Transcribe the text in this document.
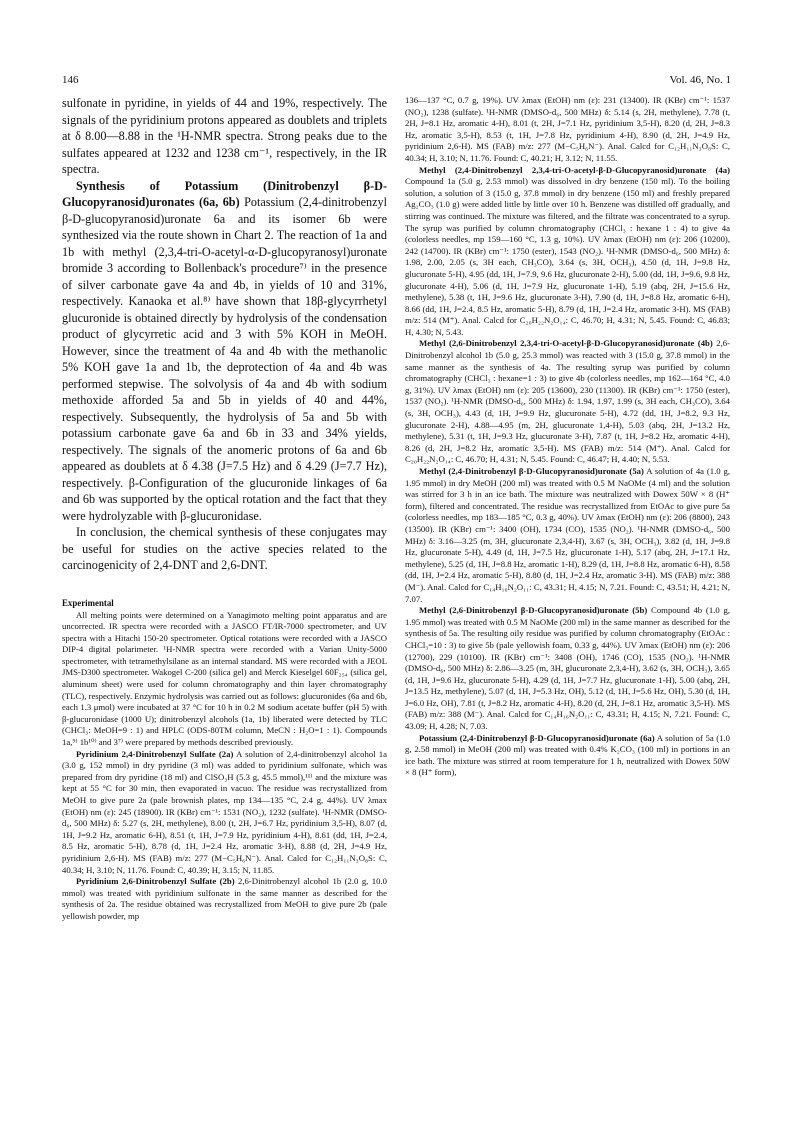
146	Vol. 46, No. 1

sulfonate in pyridine, in yields of 44 and 19%, respectively. The signals of the pyridinium protons appeared as doublets and triplets at δ 8.00—8.88 in the ¹H-NMR spectra. Strong peaks due to the sulfates appeared at 1232 and 1238 cm⁻¹, respectively, in the IR spectra.

Synthesis of Potassium (Dinitrobenzyl β-D-Glucopyranosid)uronates (6a, 6b) Potassium (2,4-dinitrobenzyl β-D-glucopyranosid)uronate 6a and its isomer 6b were synthesized via the route shown in Chart 2. The reaction of 1a and 1b with methyl (2,3,4-tri-O-acetyl-α-D-glucopyranosyl)uronate bromide 3 according to Bollenback's procedure⁷⁾ in the presence of silver carbonate gave 4a and 4b, in yields of 10 and 31%, respectively. Kanaoka et al.⁸⁾ have shown that 18β-glycyrrhetyl glucuronide is obtained directly by hydrolysis of the condensation product of glycyrretic acid and 3 with 5% KOH in MeOH. However, since the treatment of 4a and 4b with the methanolic 5% KOH gave 1a and 1b, the deprotection of 4a and 4b was performed stepwise. The solvolysis of 4a and 4b with sodium methoxide afforded 5a and 5b in yields of 40 and 44%, respectively. Subsequently, the hydrolysis of 5a and 5b with potassium carbonate gave 6a and 6b in 33 and 34% yields, respectively. The signals of the anomeric protons of 6a and 6b appeared as doublets at δ 4.38 (J=7.5 Hz) and δ 4.29 (J=7.7 Hz), respectively. β-Configuration of the glucuronide linkages of 6a and 6b was supported by the optical rotation and the fact that they were hydrolyzable with β-glucuronidase.

In conclusion, the chemical synthesis of these conjugates may be useful for studies on the active species related to the carcinogenicity of 2,4-DNT and 2,6-DNT.

Experimental

All melting points were determined on a Yanagimoto melting point apparatus and are uncorrected. IR spectra were recorded with a JASCO FT/IR-7000 spectrometer, and UV spectra with a Hitachi 150-20 spectrometer. Optical rotations were recorded with a JASCO DIP-4 digital polarimeter. ¹H-NMR spectra were recorded with a Varian Unity-5000 spectrometer, with tetramethylsilane as an internal standard. MS were recorded with a JEOL JMS-D300 spectrometer. Wakogel C-200 (silica gel) and Merck Kieselgel 60F₂₅₄ (silica gel, aluminum sheet) were used for column chromatography and thin layer chromatography (TLC), respectively. Enzymic hydrolysis was carried out as follows: glucuronides (6a and 6b, each 1.3 μmol) were incubated at 37 °C for 10 h in 0.2 M sodium acetate buffer (pH 5) with β-glucuronidase (1000 U); dinitrobenzyl alcohols (1a, 1b) liberated were detected by TLC (CHCl₃: MeOH=9 : 1) and HPLC (ODS-80TM column, MeCN : H₂O=1 : 1). Compounds 1a,⁹⁾ 1b¹⁰⁾ and 3⁷⁾ were prepared by methods described previously.

Pyridinium 2,4-Dinitrobenzyl Sulfate (2a) A solution of 2,4-dinitrobenzyl alcohol 1a (3.0 g, 152 mmol) in dry pyridine (3 ml) was added to pyridinium sulfonate, which was prepared from dry pyridine (18 ml) and ClSO₃H (5.3 g, 45.5 mmol),¹¹⁾ and the mixture was kept at 55 °C for 30 min, then evaporated in vacuo. The residue was recrystallized from MeOH to give pure 2a (pale brownish plates, mp 134—135 °C, 2.4 g, 44%). UV λmax (EtOH) nm (ε): 245 (18900). IR (KBr) cm⁻¹: 1531 (NO₂), 1232 (sulfate). ¹H-NMR (DMSO-d₆, 500 MHz) δ: 5.27 (s, 2H, methylene), 8.00 (t, 2H, J=6.7 Hz, pyridinium 3,5-H), 8.07 (d, 1H, J=9.2 Hz, aromatic 6-H), 8.51 (t, 1H, J=7.9 Hz, pyridinium 4-H), 8.61 (dd, 1H, J=2.4, 8.5 Hz, aromatic 5-H), 8.78 (d, 1H, J=2.4 Hz, aromatic 3-H), 8.88 (d, 2H, J=4.9 Hz, pyridinium 2,6-H). MS (FAB) m/z: 277 (M−C₅H₆N⁻). Anal. Calcd for C₁₂H₁₁N₃O₈S: C, 40.34; H, 3.10; N, 11.76. Found: C, 40.39; H, 3.15; N, 11.85.

Pyridinium 2,6-Dinitrobenzyl Sulfate (2b) 2,6-Dinitrobenzyl alcohol 1b (2.0 g, 10.0 mmol) was treated with pyridinium sulfonate in the same manner as described for the synthesis of 2a. The residue obtained was recrystallized from MeOH to give pure 2b (pale yellowish powder, mp

136—137 °C, 0.7 g, 19%). UV λmax (EtOH) nm (ε): 231 (13400). IR (KBr) cm⁻¹: 1537 (NO₂), 1238 (sulfate). ¹H-NMR (DMSO-d₆, 500 MHz) δ: 5.14 (s, 2H, methylene), 7.78 (t, 2H, J=8.1 Hz, aromatic 4-H), 8.01 (t, 2H, J=7.1 Hz, pyridinium 3,5-H), 8.20 (d, 2H, J=8.3 Hz, aromatic 3,5-H), 8.53 (t, 1H, J=7.8 Hz, pyridinium 4-H), 8.90 (d, 2H, J=4.9 Hz, pyridinium 2,6-H). MS (FAB) m/z: 277 (M−C₅H₆N⁻). Anal. Calcd for C₁₂H₁₁N₃O₈S: C, 40.34; H, 3.10; N, 11.76. Found: C, 40.21; H, 3.12; N, 11.55.

Methyl (2,4-Dinitrobenzyl 2,3,4-tri-O-acetyl-β-D-Glucopyranosid)uronate (4a) Compound 1a (5.0 g, 2.53 mmol) was dissolved in dry benzene (150 ml). To the boiling solution, a solution of 3 (15.0 g, 37.8 mmol) in dry benzene (150 ml) and freshly prepared Ag₂CO₃ (1.0 g) were added little by little over 10 h. Benzene was distilled off gradually, and stirring was continued. The mixture was filtered, and the filtrate was concentrated to a syrup. The syrup was purified by column chromatography (CHCl₃ : hexane 1 : 4) to give 4a (colorless needles, mp 159—160 °C, 1.3 g, 10%). UV λmax (EtOH) nm (ε): 206 (10200), 242 (14700). IR (KBr) cm⁻¹: 1750 (ester), 1543 (NO₂). ¹H-NMR (DMSO-d₆, 500 MHz) δ: 1.98, 2.00, 2.05 (s, 3H each, CH₃CO), 3.64 (s, 3H, OCH₃), 4.50 (d, 1H, J=9.8 Hz, glucuronate 5-H), 4.95 (dd, 1H, J=7.9, 9.6 Hz, glucuronate 2-H), 5.00 (dd, 1H, J=9.6, 9.8 Hz, glucuronate 4-H), 5.06 (d, 1H, J=7.9 Hz, glucuronate 1-H), 5.19 (abq, 2H, J=15.6 Hz, methylene), 5.38 (t, 1H, J=9.6 Hz, glucuronate 3-H), 7.90 (d, 1H, J=8.8 Hz, aromatic 6-H), 8.66 (dd, 1H, J=2.4, 8.5 Hz, aromatic 5-H), 8.79 (d, 1H, J=2.4 Hz, aromatic 3-H). MS (FAB) m/z: 514 (M⁺). Anal. Calcd for C₂₀H₂₂N₂O₁₄: C, 46.70; H, 4.31; N, 5.45. Found: C, 46.83; H, 4.30; N, 5.43.

Methyl (2,6-Dinitrobenzyl 2,3,4-tri-O-acetyl-β-D-Glucopyranosid)uronate (4b) 2,6-Dinitrobenzyl alcohol 1b (5.0 g, 25.3 mmol) was reacted with 3 (15.0 g, 37.8 mmol) in the same manner as the synthesis of 4a. The resulting syrup was purified by column chromatography (CHCl₃ : hexane=1 : 3) to give 4b (colorless needles, mp 162—164 °C, 4.0 g, 31%). UV λmax (EtOH) nm (ε): 205 (13600), 230 (11300). IR (KBr) cm⁻¹: 1750 (ester), 1537 (NO₂). ¹H-NMR (DMSO-d₆, 500 MHz) δ: 1.94, 1.97, 1.99 (s, 3H each, CH₃CO), 3.64 (s, 3H, OCH₃), 4.43 (d, 1H, J=9.9 Hz, glucuronate 5-H), 4.72 (dd, 1H, J=8.2, 9.3 Hz, glucuronate 2-H), 4.88—4.95 (m, 2H, glucuronate 1,4-H), 5.03 (abq, 2H, J=13.2 Hz, methylene), 5.31 (t, 1H, J=9.3 Hz, glucuronate 3-H), 7.87 (t, 1H, J=8.2 Hz, aromatic 4-H), 8.26 (d, 2H, J=8.2 Hz, aromatic 3,5-H). MS (FAB) m/z: 514 (M⁺). Anal. Calcd for C₂₀H₂₂N₂O₁₄: C, 46.70; H, 4.31; N, 5.45. Found: C, 46.47; H, 4.40; N, 5.53.

Methyl (2,4-Dinitrobenzyl β-D-Glucopyranosid)uronate (5a) A solution of 4a (1.0 g, 1.95 mmol) in dry MeOH (200 ml) was treated with 0.5 M NaOMe (4 ml) and the solution was stirred for 3 h in an ice bath. The mixture was neutralized with Dowex 50W × 8 (H⁺ form), filtered and concentrated. The residue was recrystallized from EtOAc to give pure 5a (colorless needles, mp 183—185 °C, 0.3 g, 40%). UV λmax (EtOH) nm (ε): 206 (8800), 243 (13500). IR (KBr) cm⁻¹: 3400 (OH), 1734 (CO), 1535 (NO₂). ¹H-NMR (DMSO-d₆, 500 MHz) δ: 3.16—3.25 (m, 3H, glucuronate 2,3,4-H), 3.67 (s, 3H, OCH₃), 3.82 (d, 1H, J=9.8 Hz, glucuronate 5-H), 4.49 (d, 1H, J=7.5 Hz, glucuronate 1-H), 5.17 (abq, 2H, J=17.1 Hz, methylene), 5.25 (d, 1H, J=8.8 Hz, aromatic 1-H), 8.29 (d, 1H, J=8.8 Hz, aromatic 6-H), 8.58 (dd, 1H, J=2.4 Hz, aromatic 5-H), 8.80 (d, 1H, J=2.4 Hz, aromatic 3-H). MS (FAB) m/z: 388 (M⁻). Anal. Calcd for C₁₄H₁₆N₂O₁₁: C, 43.31; H, 4.15; N, 7.21. Found: C, 43.51; H, 4.21; N, 7.07.

Methyl (2,6-Dinitrobenzyl β-D-Glucopyranosid)uronate (5b) Compound 4b (1.0 g, 1.95 mmol) was treated with 0.5 M NaOMe (200 ml) in the same manner as described for the synthesis of 5a. The resulting oily residue was purified by column chromatography (EtOAc : CHCl₃=10 : 3) to give 5b (pale yellowish foam, 0.33 g, 44%). UV λmax (EtOH) nm (ε): 206 (12700), 229 (10100). IR (KBr) cm⁻¹: 3408 (OH), 1746 (CO), 1535 (NO₂). ¹H-NMR (DMSO-d₆, 500 MHz) δ: 2.86—3.25 (m, 3H, glucuronate 2,3,4-H), 3.62 (s, 3H, OCH₃), 3.65 (d, 1H, J=9.6 Hz, glucuronate 5-H), 4.29 (d, 1H, J=7.7 Hz, glucuronate 1-H), 5.00 (abq, 2H, J=13.5 Hz, methylene), 5.07 (d, 1H, J=5.3 Hz, OH), 5.12 (d, 1H, J=5.6 Hz, OH), 5.30 (d, 1H, J=6.0 Hz, OH), 7.81 (t, J=8.2 Hz, aromatic 4-H), 8.20 (d, 2H, J=8.1 Hz, aromatic 3,5-H). MS (FAB) m/z: 388 (M⁻). Anal. Calcd for C₁₄H₁₆N₂O₁₁: C, 43.31; H, 4.15; N, 7.21. Found: C, 43.09; H, 4.28; N, 7.03.

Potassium (2,4-Dinitrobenzyl β-D-Glucopyranosid)uronate (6a) A solution of 5a (1.0 g, 2.58 mmol) in MeOH (200 ml) was treated with 0.4% K₂CO₃ (100 ml) in portions in an ice bath. The mixture was stirred at room temperature for 1 h, neutralized with Dowex 50W × 8 (H⁺ form),
